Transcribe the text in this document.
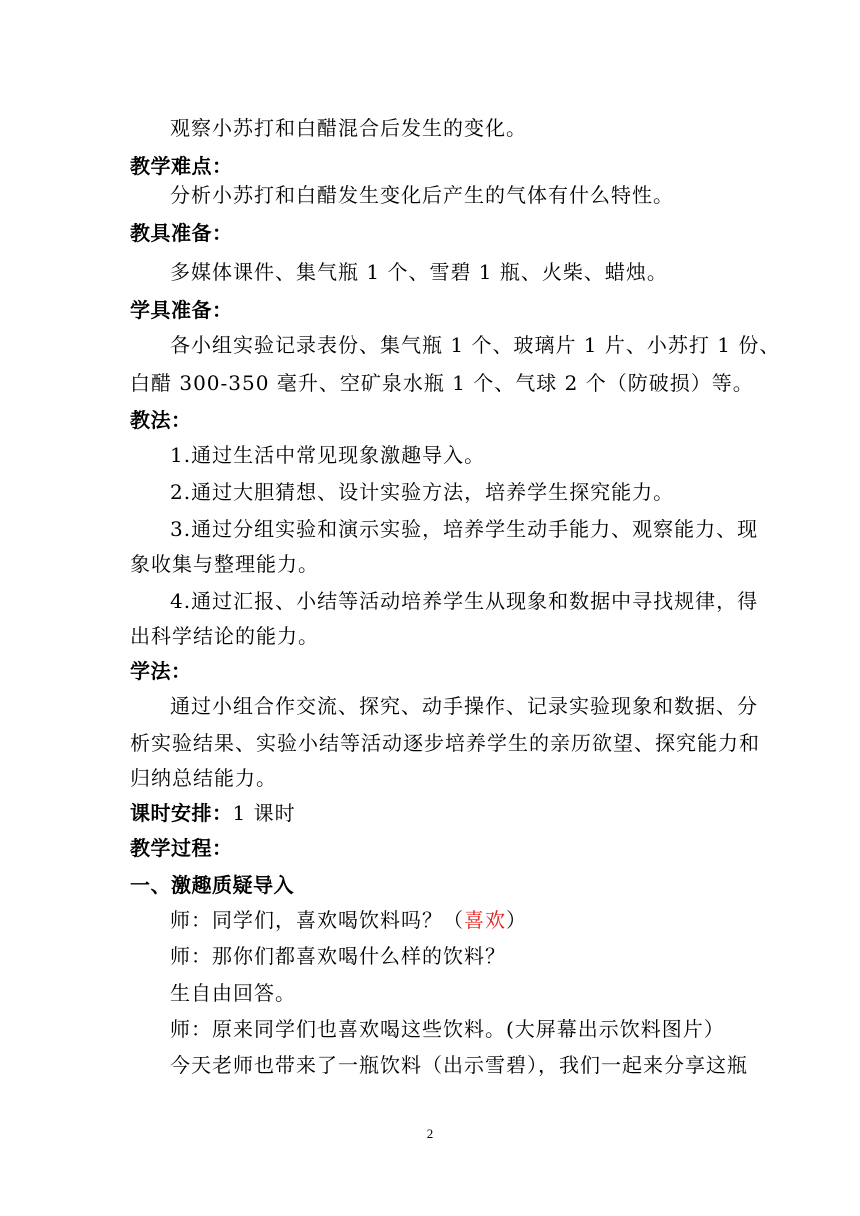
观察小苏打和白醋混合后发生的变化。
教学难点：
分析小苏打和白醋发生变化后产生的气体有什么特性。
教具准备：
多媒体课件、集气瓶 1 个、雪碧 1 瓶、火柴、蜡烛。
学具准备：
各小组实验记录表份、集气瓶 1 个、玻璃片 1 片、小苏打 1 份、
白醋 300-350 毫升、空矿泉水瓶 1 个、气球 2 个（防破损）等。
教法：
1.通过生活中常见现象激趣导入。
2.通过大胆猜想、设计实验方法，培养学生探究能力。
3.通过分组实验和演示实验，培养学生动手能力、观察能力、现
象收集与整理能力。
4.通过汇报、小结等活动培养学生从现象和数据中寻找规律，得
出科学结论的能力。
学法：
通过小组合作交流、探究、动手操作、记录实验现象和数据、分
析实验结果、实验小结等活动逐步培养学生的亲历欲望、探究能力和
归纳总结能力。
课时安排：1 课时
教学过程：
一、激趣质疑导入
师：同学们，喜欢喝饮料吗？（喜欢）
师：那你们都喜欢喝什么样的饮料？
生自由回答。
师：原来同学们也喜欢喝这些饮料。(大屏幕出示饮料图片）
今天老师也带来了一瓶饮料（出示雪碧），我们一起来分享这瓶
2
